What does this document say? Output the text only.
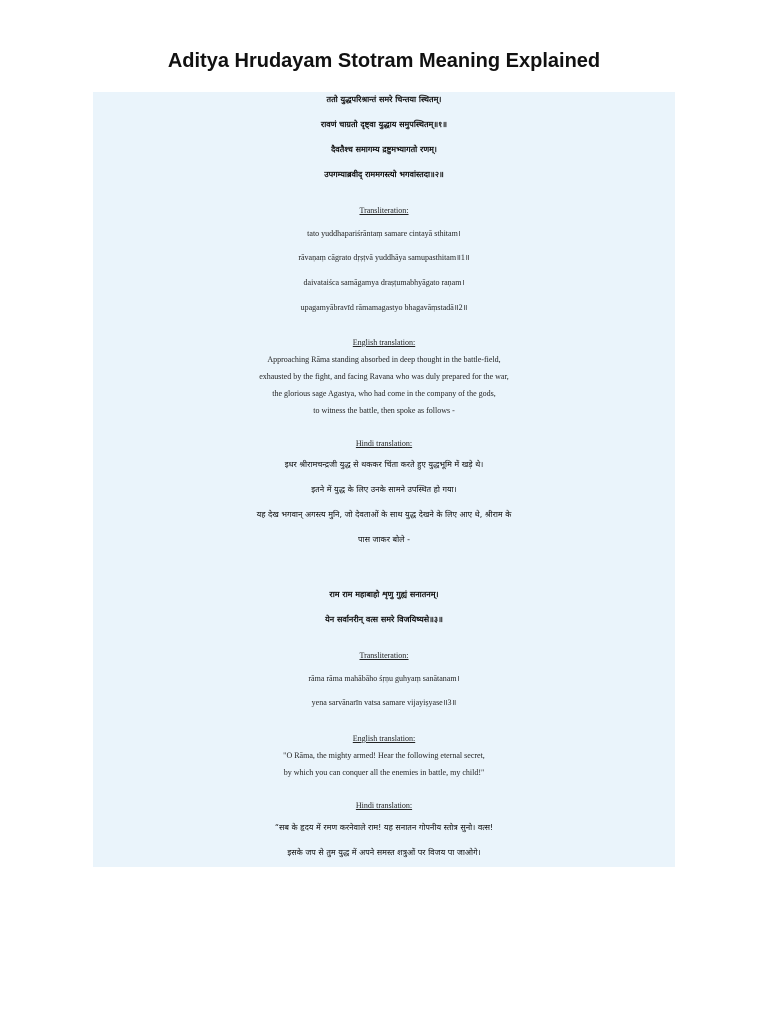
Aditya Hrudayam Stotram Meaning Explained
ततो युद्धपरिश्रान्तं समरे चिन्तया स्थितम्।
रावणं चाग्रतो दृष्ट्वा युद्धाय समुपस्थितम्॥१॥
दैवतैश्च समागम्य द्रष्टुमभ्यागतो रणम्।
उपगम्याब्रवीद् राममगस्त्यो भगवांस्तदा॥२॥
Transliteration:
tato yuddhapariśrāntaṃ samare cintayā sthitam।
rāvaṇaṃ cāgrato dṛṣṭvā yuddhāya samupasthitam॥1॥
daivataiśca samāgamya draṣṭumabhyāgato raṇam।
upagamyābravīd rāmamagastyo bhagavāṃstadā॥2॥
English translation:
Approaching Rāma standing absorbed in deep thought in the battle-field,
exhausted by the fight, and facing Ravana who was duly prepared for the war,
the glorious sage Agastya, who had come in the company of the gods,
to witness the battle, then spoke as follows -
Hindi translation:
इधर श्रीरामचन्द्रजी युद्ध से थककर चिंता करते हुए युद्धभूमि में खड़े थे।
इतने में युद्ध के लिए उनके सामने उपस्थित हो गया।
यह देख भगवान् अगस्त्य मुनि, जो देवताओं के साथ युद्ध देखने के लिए आए थे, श्रीराम के
पास जाकर बोले -
राम राम महाबाहो शृणु गुह्यं सनातनम्।
येन सर्वानरीन् वत्स समरे विजयिष्यसे॥३॥
Transliteration:
rāma rāma mahābāho śṛṇu guhyaṃ sanātanam।
yena sarvānarīn vatsa samare vijayiṣyase॥3॥
English translation:
"O Rāma, the mighty armed! Hear the following eternal secret,
by which you can conquer all the enemies in battle, my child!"
Hindi translation:
“सब के हृदय में रमण करनेवाले राम! यह सनातन गोपनीय स्तोत्र सुनो। वत्स!
इसके जप से तुम युद्ध में अपने समस्त शत्रुओं पर विजय पा जाओगे।
